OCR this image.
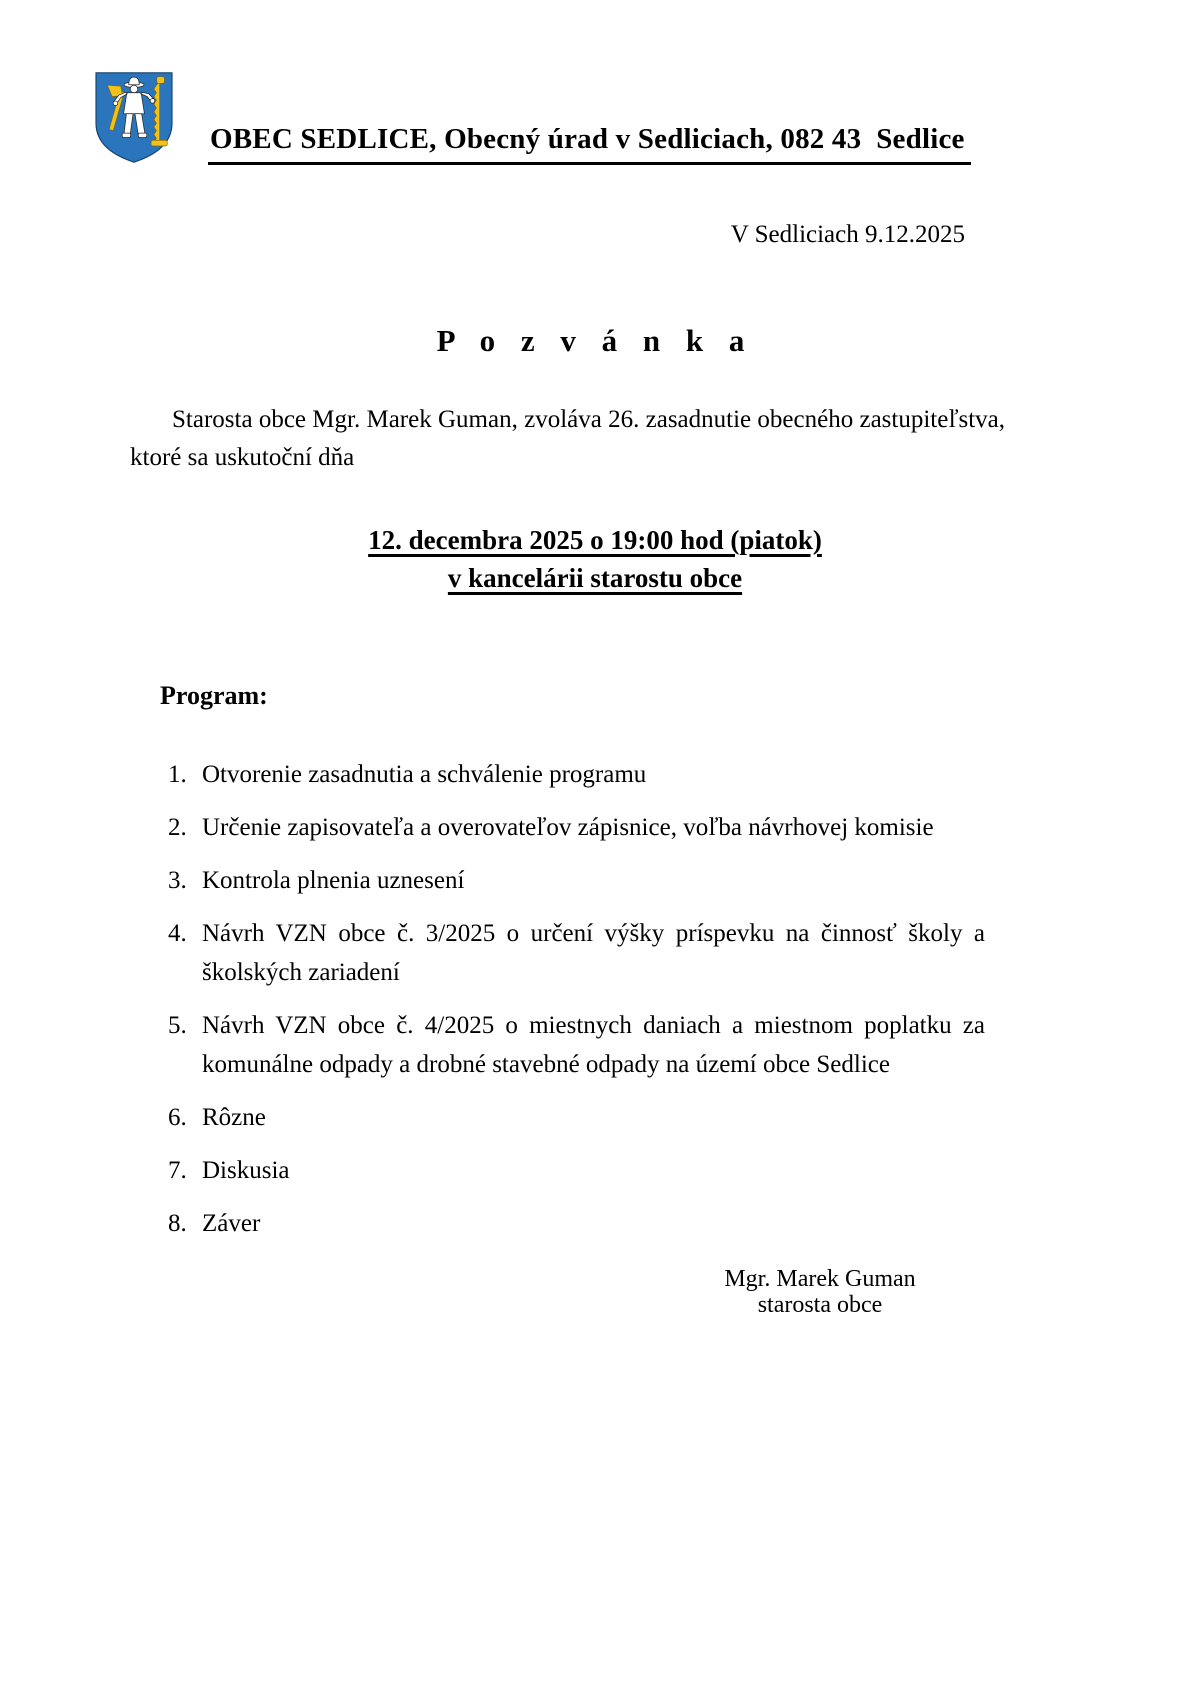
OBEC SEDLICE, Obecný úrad v Sedliciach, 082 43  Sedlice
V Sedliciach 9.12.2025
P o z v á n k a

Starosta obce Mgr. Marek Guman, zvoláva 26. zasadnutie obecného zastupiteľstva, ktoré sa uskutoční dňa

12. decembra 2025 o 19:00 hod (piatok)
v kancelárii starostu obce
Program:
Otvorenie zasadnutia a schválenie programu
Určenie zapisovateľa a overovateľov zápisnice, voľba návrhovej komisie
Kontrola plnenia uznesení
Návrh VZN obce č. 3/2025 o určení výšky príspevku na činnosť školy a školských zariadení
Návrh VZN obce č. 4/2025 o miestnych daniach a miestnom poplatku za komunálne odpady a drobné stavebné odpady na území obce Sedlice
Rôzne
Diskusia
Záver
Mgr. Marek Guman
starosta obce
